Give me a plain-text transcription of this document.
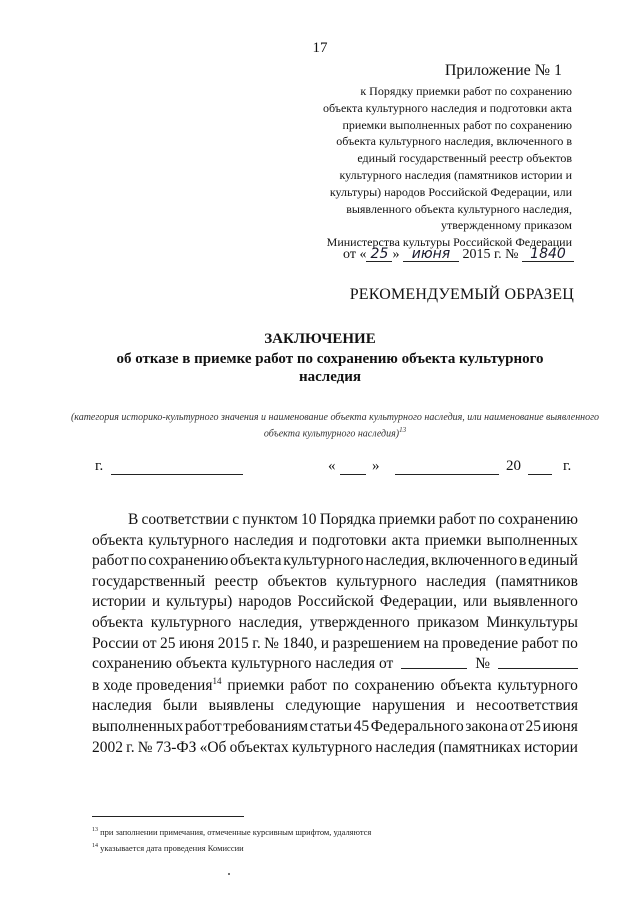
17
Приложение № 1
к Порядку приемки работ по сохранению
объекта культурного наследия и подготовки акта
приемки выполненных работ по сохранению
объекта культурного наследия, включенного в
единый государственный реестр объектов
культурного наследия (памятников истории и
культуры) народов Российской Федерации, или
выявленного объекта культурного наследия,
утвержденному приказом
Министерства культуры Российской Федерации
от « 25 » июня 2015 г. № 1840
РЕКОМЕНДУЕМЫЙ ОБРАЗЕЦ
ЗАКЛЮЧЕНИЕ
об отказе в приемке работ по сохранению объекта культурного наследия
(категория историко-культурного значения и наименование объекта культурного наследия, или наименование выявленного объекта культурного наследия)$^{13}$
г.	« »	20	г.
В соответствии с пунктом 10 Порядка приемки работ по сохранению
объекта культурного наследия и подготовки акта приемки выполненных
работ по сохранению объекта культурного наследия, включенного в единый
государственный реестр объектов культурного наследия (памятников
истории и культуры) народов Российской Федерации, или выявленного
объекта культурного наследия, утвержденного приказом Минкультуры
России от 25 июня 2015 г. № 1840, и разрешением на проведение работ по
сохранению объекта культурного наследия от	№
в ходе проведения$^{14}$ приемки работ по сохранению объекта культурного
наследия были выявлены следующие нарушения и несоответствия
выполненных работ требованиям статьи 45 Федерального закона от 25 июня
2002 г. № 73-ФЗ «Об объектах культурного наследия (памятниках истории
$^{13}$ при заполнении примечания, отмеченные курсивным шрифтом, удаляются
$^{14}$ указывается дата проведения Комиссии
